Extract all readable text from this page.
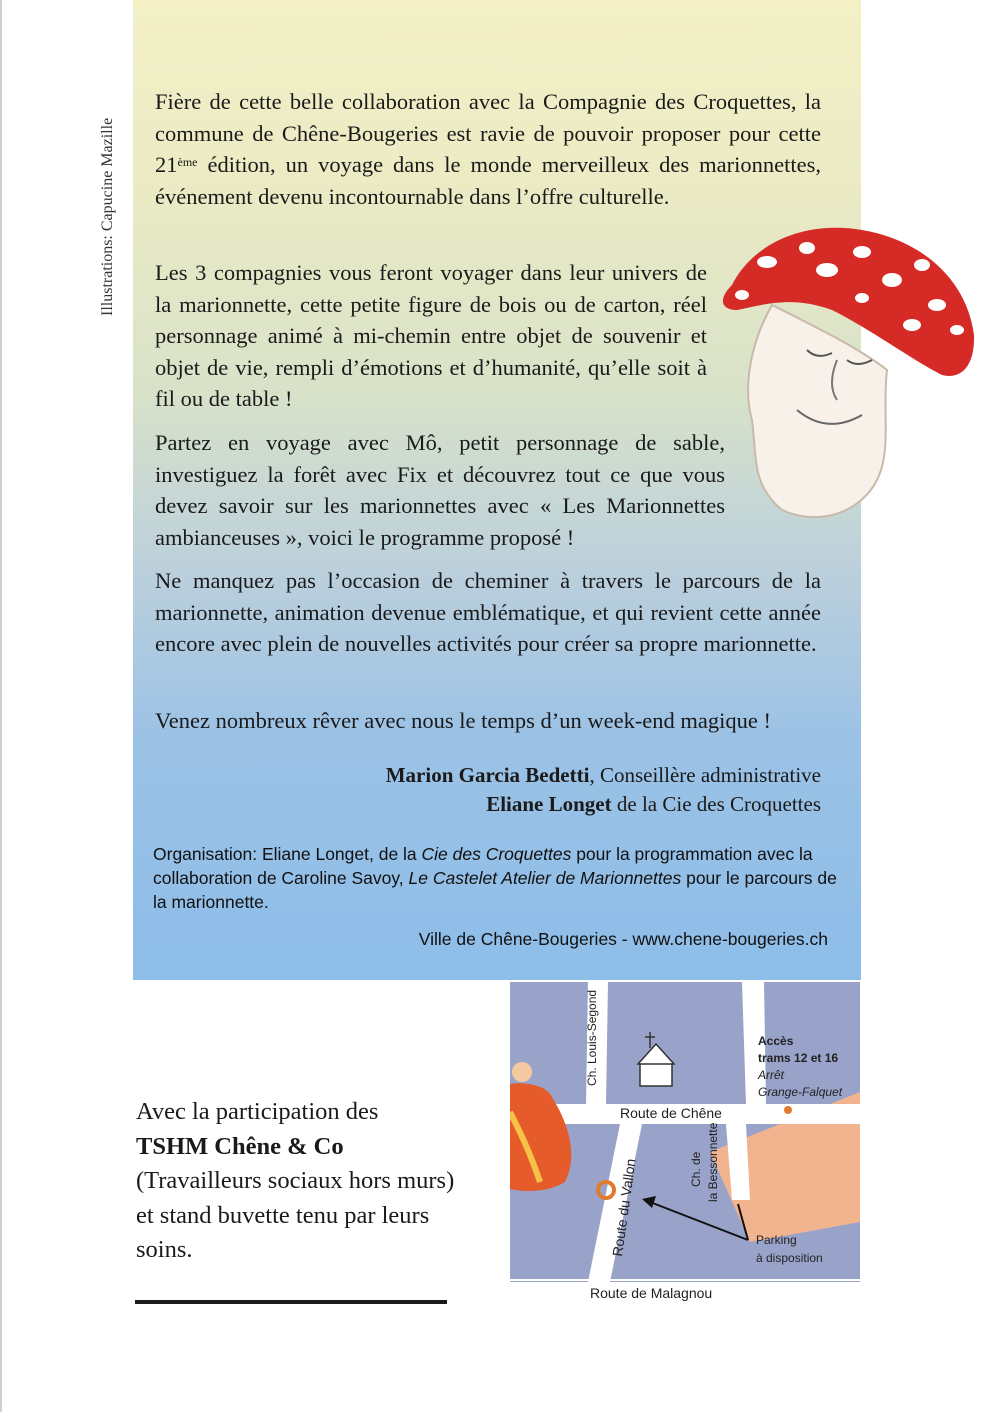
Illustrations: Capucine Mazille
Fière de cette belle collaboration avec la Compagnie des Croquettes, la commune de Chêne-Bougeries est ravie de pouvoir proposer pour cette 21ème édition, un voyage dans le monde merveilleux des marionnettes, événement devenu incontournable dans l’offre culturelle.
Les 3 compagnies vous feront voyager dans leur univers de la marionnette, cette petite figure de bois ou de carton, réel personnage animé à mi-chemin entre objet de souvenir et objet de vie, rempli d’émotions et d’humanité, qu’elle soit à fil ou de table !
Partez en voyage avec Mô, petit personnage de sable, investiguez la forêt avec Fix et découvrez tout ce que vous devez savoir sur les marionnettes avec « Les Marionnettes ambianceuses », voici le programme proposé !
Ne manquez pas l’occasion de cheminer à travers le parcours de la marionnette, animation devenue emblématique, et qui revient cette année encore avec plein de nouvelles activités pour créer sa propre marionnette.
Venez nombreux rêver avec nous le temps d’un week-end magique !
Marion Garcia Bedetti, Conseillère administrative
Eliane Longet de la Cie des Croquettes
Organisation: Eliane Longet, de la Cie des Croquettes pour la programmation avec la collaboration de Caroline Savoy, Le Castelet Atelier de Marionnettes pour le parcours de la marionnette.
Ville de Chêne-Bougeries - www.chene-bougeries.ch
Avec la participation des
TSHM Chêne & Co
(Travailleurs sociaux hors murs) et stand buvette tenu par leurs soins.
Ch. Louis-Segond
Route de Chêne
Route du Vallon	Ch. de la Bessonnette
Route de Malagnou
Accès
trams 12 et 16
Arrêt
Grange-Falquet
Parking
à disposition
